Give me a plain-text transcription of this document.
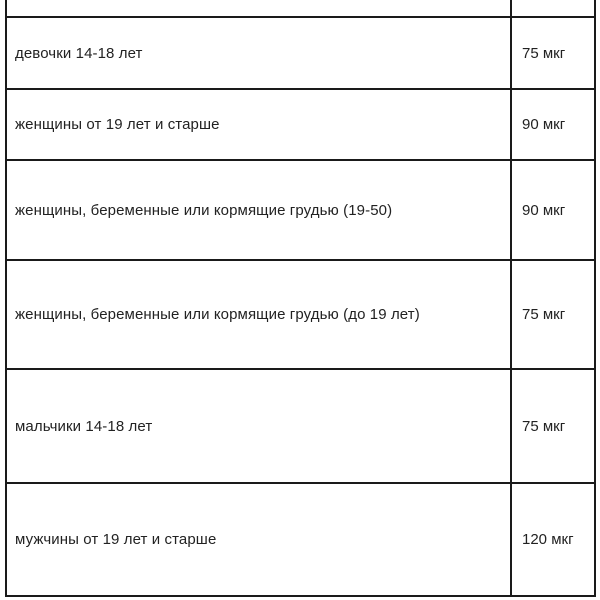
девочки 14-18 лет	75 мкг
женщины от 19 лет и старше	90 мкг
женщины, беременные или кормящие грудью (19-50)	90 мкг
женщины, беременные или кормящие грудью (до 19 лет)	75 мкг
мальчики 14-18 лет	75 мкг
мужчины от 19 лет и старше	120 мкг
